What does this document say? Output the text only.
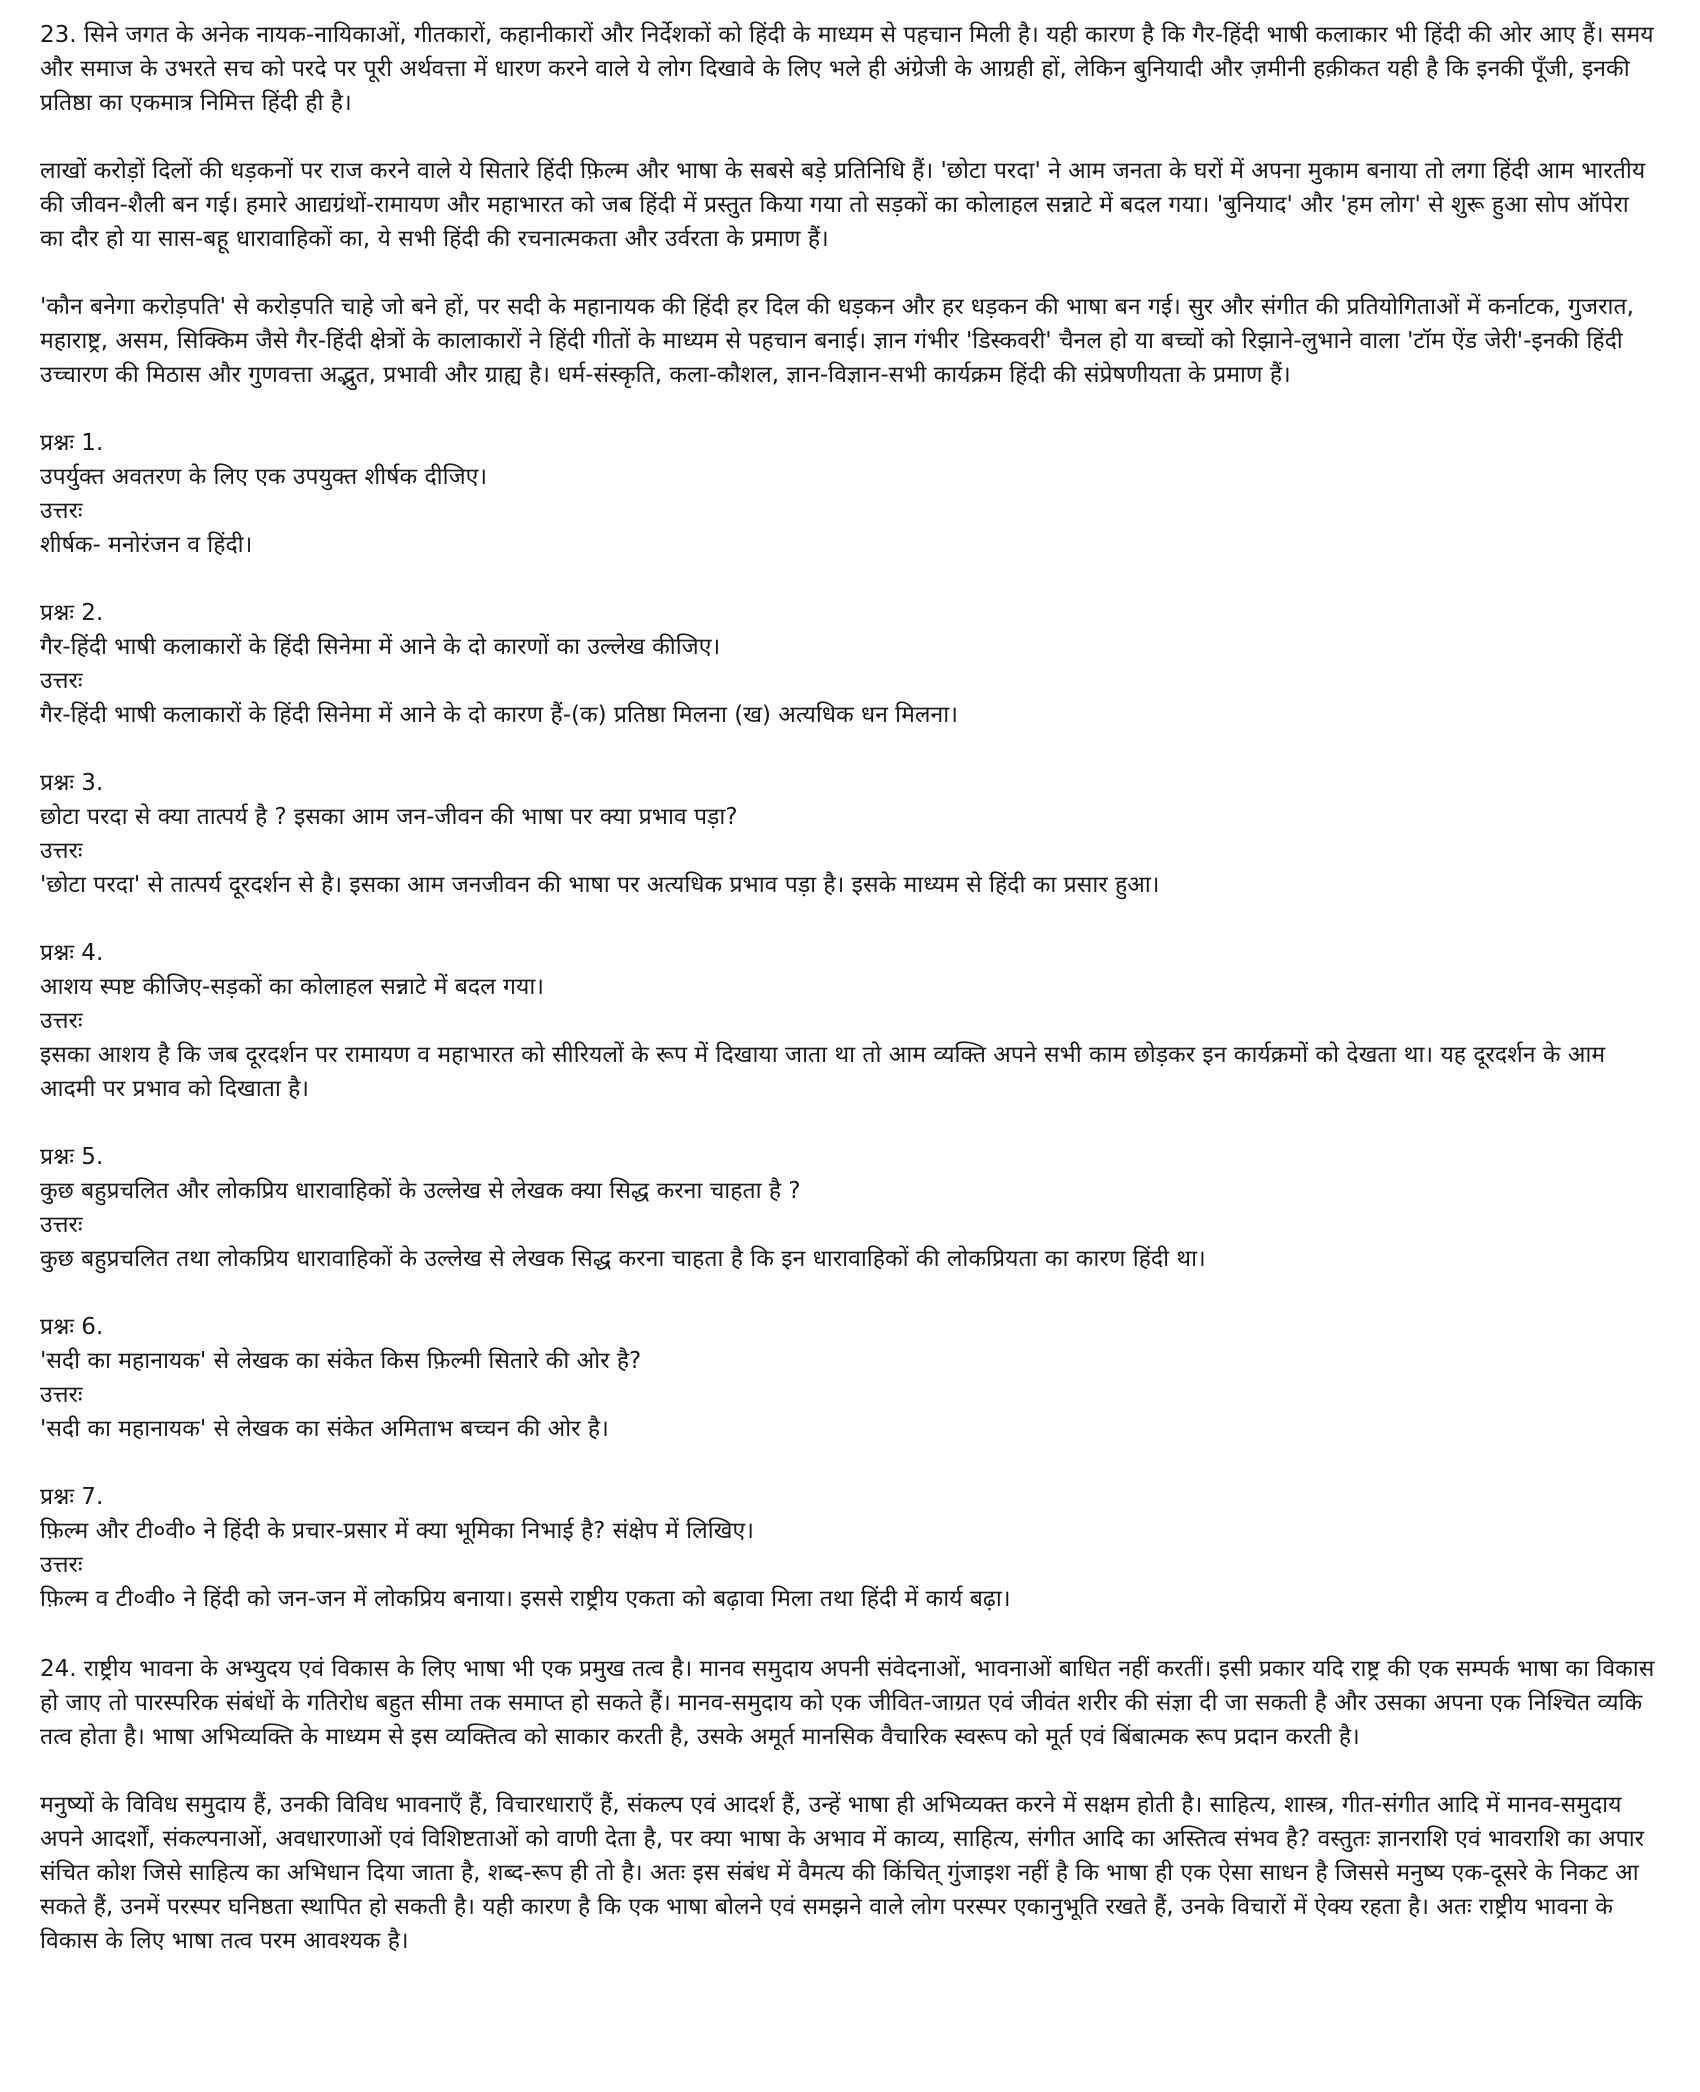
23. सिने जगत के अनेक नायक-नायिकाओं, गीतकारों, कहानीकारों और निर्देशकों को हिंदी के माध्यम से पहचान मिली है। यही कारण है कि गैर-हिंदी भाषी कलाकार भी हिंदी की ओर आए हैं। समय और समाज के उभरते सच को परदे पर पूरी अर्थवत्ता में धारण करने वाले ये लोग दिखावे के लिए भले ही अंग्रेजी के आग्रही हों, लेकिन बुनियादी और ज़मीनी हक़ीकत यही है कि इनकी पूँजी, इनकी प्रतिष्ठा का एकमात्र निमित्त हिंदी ही है।

लाखों करोड़ों दिलों की धड़कनों पर राज करने वाले ये सितारे हिंदी फ़िल्म और भाषा के सबसे बड़े प्रतिनिधि हैं। 'छोटा परदा' ने आम जनता के घरों में अपना मुकाम बनाया तो लगा हिंदी आम भारतीय की जीवन-शैली बन गई। हमारे आद्यग्रंथों-रामायण और महाभारत को जब हिंदी में प्रस्तुत किया गया तो सड़कों का कोलाहल सन्नाटे में बदल गया। 'बुनियाद' और 'हम लोग' से शुरू हुआ सोप ऑपेरा का दौर हो या सास-बहू धारावाहिकों का, ये सभी हिंदी की रचनात्मकता और उर्वरता के प्रमाण हैं।

'कौन बनेगा करोड़पति' से करोड़पति चाहे जो बने हों, पर सदी के महानायक की हिंदी हर दिल की धड़कन और हर धड़कन की भाषा बन गई। सुर और संगीत की प्रतियोगिताओं में कर्नाटक, गुजरात, महाराष्ट्र, असम, सिक्किम जैसे गैर-हिंदी क्षेत्रों के कालाकारों ने हिंदी गीतों के माध्यम से पहचान बनाई। ज्ञान गंभीर 'डिस्कवरी' चैनल हो या बच्चों को रिझाने-लुभाने वाला 'टॉम ऐंड जेरी'-इनकी हिंदी उच्चारण की मिठास और गुणवत्ता अद्भुत, प्रभावी और ग्राह्य है। धर्म-संस्कृति, कला-कौशल, ज्ञान-विज्ञान-सभी कार्यक्रम हिंदी की संप्रेषणीयता के प्रमाण हैं।

प्रश्नः 1.
उपर्युक्त अवतरण के लिए एक उपयुक्त शीर्षक दीजिए।
उत्तरः
शीर्षक- मनोरंजन व हिंदी।
प्रश्नः 2.
गैर-हिंदी भाषी कलाकारों के हिंदी सिनेमा में आने के दो कारणों का उल्लेख कीजिए।
उत्तरः
गैर-हिंदी भाषी कलाकारों के हिंदी सिनेमा में आने के दो कारण हैं-(क) प्रतिष्ठा मिलना (ख) अत्यधिक धन मिलना।
प्रश्नः 3.
छोटा परदा से क्या तात्पर्य है ? इसका आम जन-जीवन की भाषा पर क्या प्रभाव पड़ा?
उत्तरः
'छोटा परदा' से तात्पर्य दूरदर्शन से है। इसका आम जनजीवन की भाषा पर अत्यधिक प्रभाव पड़ा है। इसके माध्यम से हिंदी का प्रसार हुआ।
प्रश्नः 4.
आशय स्पष्ट कीजिए-सड़कों का कोलाहल सन्नाटे में बदल गया।
उत्तरः
इसका आशय है कि जब दूरदर्शन पर रामायण व महाभारत को सीरियलों के रूप में दिखाया जाता था तो आम व्यक्ति अपने सभी काम छोड़कर इन कार्यक्रमों को देखता था। यह दूरदर्शन के आम आदमी पर प्रभाव को दिखाता है।
प्रश्नः 5.
कुछ बहुप्रचलित और लोकप्रिय धारावाहिकों के उल्लेख से लेखक क्या सिद्ध करना चाहता है ?
उत्तरः
कुछ बहुप्रचलित तथा लोकप्रिय धारावाहिकों के उल्लेख से लेखक सिद्ध करना चाहता है कि इन धारावाहिकों की लोकप्रियता का कारण हिंदी था।
प्रश्नः 6.
'सदी का महानायक' से लेखक का संकेत किस फ़िल्मी सितारे की ओर है?
उत्तरः
'सदी का महानायक' से लेखक का संकेत अमिताभ बच्चन की ओर है।
प्रश्नः 7.
फ़िल्म और टी०वी० ने हिंदी के प्रचार-प्रसार में क्या भूमिका निभाई है? संक्षेप में लिखिए।
उत्तरः
फ़िल्म व टी०वी० ने हिंदी को जन-जन में लोकप्रिय बनाया। इससे राष्ट्रीय एकता को बढ़ावा मिला तथा हिंदी में कार्य बढ़ा।

24. राष्ट्रीय भावना के अभ्युदय एवं विकास के लिए भाषा भी एक प्रमुख तत्व है। मानव समुदाय अपनी संवेदनाओं, भावनाओं बाधित नहीं करतीं। इसी प्रकार यदि राष्ट्र की एक सम्पर्क भाषा का विकास हो जाए तो पारस्परिक संबंधों के गतिरोध बहुत सीमा तक समाप्त हो सकते हैं। मानव-समुदाय को एक जीवित-जाग्रत एवं जीवंत शरीर की संज्ञा दी जा सकती है और उसका अपना एक निश्चित व्यकि तत्व होता है। भाषा अभिव्यक्ति के माध्यम से इस व्यक्तित्व को साकार करती है, उसके अमूर्त मानसिक वैचारिक स्वरूप को मूर्त एवं बिंबात्मक रूप प्रदान करती है।

मनुष्यों के विविध समुदाय हैं, उनकी विविध भावनाएँ हैं, विचारधाराएँ हैं, संकल्प एवं आदर्श हैं, उन्हें भाषा ही अभिव्यक्त करने में सक्षम होती है। साहित्य, शास्त्र, गीत-संगीत आदि में मानव-समुदाय अपने आदर्शों, संकल्पनाओं, अवधारणाओं एवं विशिष्टताओं को वाणी देता है, पर क्या भाषा के अभाव में काव्य, साहित्य, संगीत आदि का अस्तित्व संभव है? वस्तुतः ज्ञानराशि एवं भावराशि का अपार संचित कोश जिसे साहित्य का अभिधान दिया जाता है, शब्द-रूप ही तो है। अतः इस संबंध में वैमत्य की किंचित् गुंजाइश नहीं है कि भाषा ही एक ऐसा साधन है जिससे मनुष्य एक-दूसरे के निकट आ सकते हैं, उनमें परस्पर घनिष्ठता स्थापित हो सकती है। यही कारण है कि एक भाषा बोलने एवं समझने वाले लोग परस्पर एकानुभूति रखते हैं, उनके विचारों में ऐक्य रहता है। अतः राष्ट्रीय भावना के विकास के लिए भाषा तत्व परम आवश्यक है।
